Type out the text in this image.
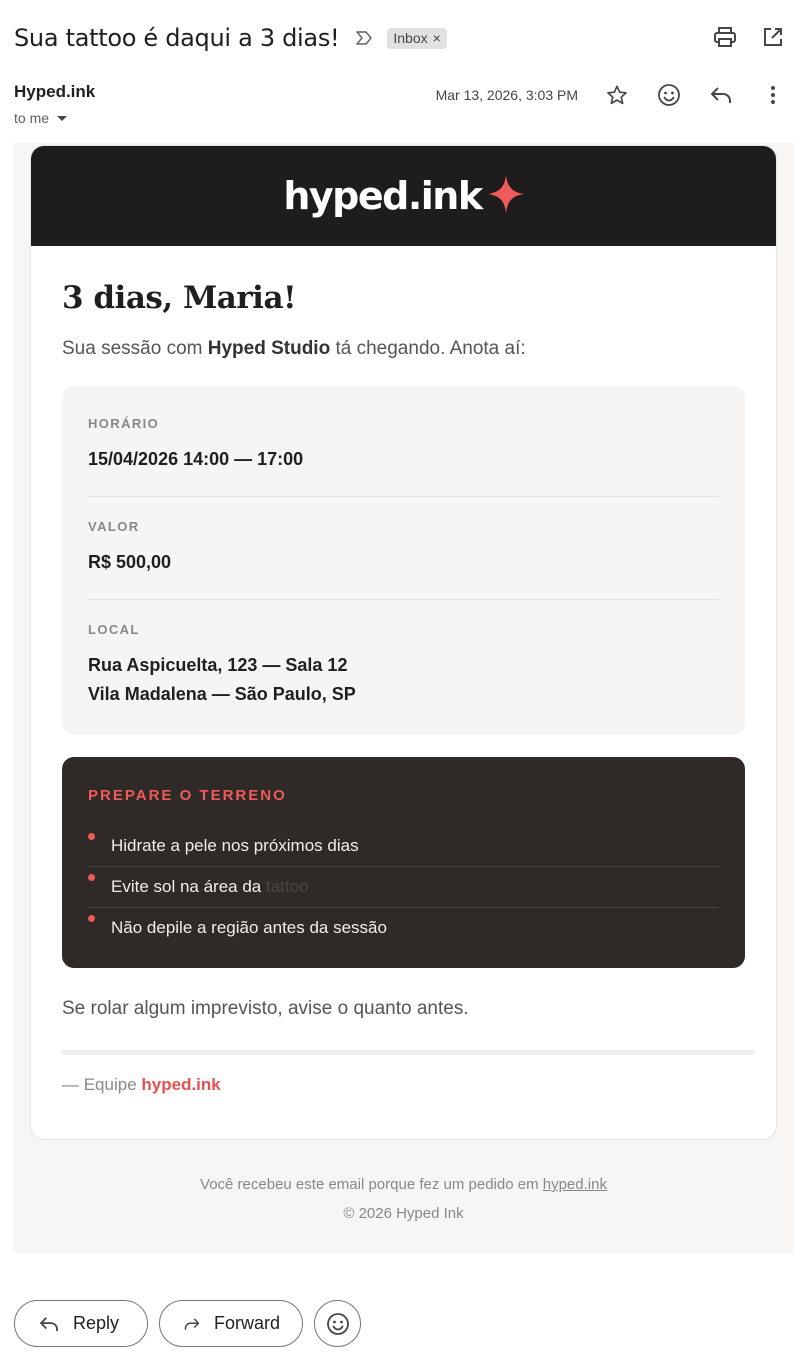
Sua tattoo é daqui a 3 dias!	Inbox ×
Hyped.ink
to me
Mar 13, 2026, 3:03 PM
hyped.ink
3 dias, Maria!
Sua sessão com Hyped Studio tá chegando. Anota aí:
HORÁRIO
15/04/2026 14:00 — 17:00
VALOR
R$ 500,00
LOCAL
Rua Aspicuelta, 123 — Sala 12
Vila Madalena — São Paulo, SP
PREPARE O TERRENO
Hidrate a pele nos próximos dias
Evite sol na área da tattoo
Não depile a região antes da sessão
Se rolar algum imprevisto, avise o quanto antes.
— Equipe hyped.ink
Você recebeu este email porque fez um pedido em hyped.ink
© 2026 Hyped Ink
Reply	Forward
